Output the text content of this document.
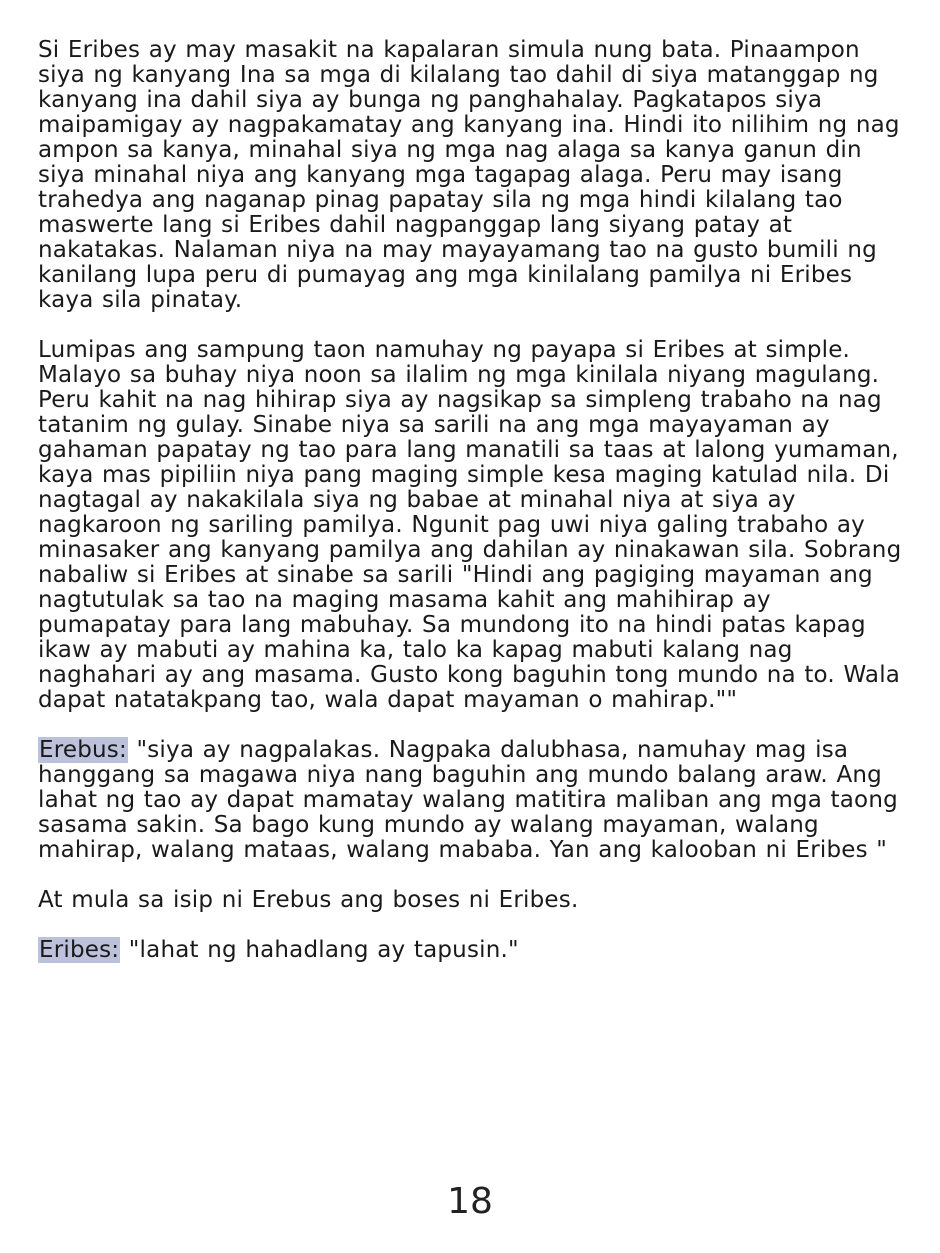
Si Eribes ay may masakit na kapalaran simula nung bata. Pinaampon siya ng kanyang Ina sa mga di kilalang tao dahil di siya matanggap ng kanyang ina dahil siya ay bunga ng panghahalay. Pagkatapos siya maipamigay ay nagpakamatay ang kanyang ina. Hindi ito nilihim ng nag ampon sa kanya, minahal siya ng mga nag alaga sa kanya ganun din siya minahal niya ang kanyang mga tagapag alaga. Peru may isang trahedya ang naganap pinag papatay sila ng mga hindi kilalang tao maswerte lang si Eribes dahil nagpanggap lang siyang patay at nakatakas. Nalaman niya na may mayayamang tao na gusto bumili ng kanilang lupa peru di pumayag ang mga kinilalang pamilya ni Eribes kaya sila pinatay.

Lumipas ang sampung taon namuhay ng payapa si Eribes at simple. Malayo sa buhay niya noon sa ilalim ng mga kinilala niyang magulang. Peru kahit na nag hihirap siya ay nagsikap sa simpleng trabaho na nag tatanim ng gulay. Sinabe niya sa sarili na ang mga mayayaman ay gahaman papatay ng tao para lang manatili sa taas at lalong yumaman, kaya mas pipiliin niya pang maging simple kesa maging katulad nila. Di nagtagal ay nakakilala siya ng babae at minahal niya at siya ay nagkaroon ng sariling pamilya. Ngunit pag uwi niya galing trabaho ay minasaker ang kanyang pamilya ang dahilan ay ninakawan sila. Sobrang nabaliw si Eribes at sinabe sa sarili "Hindi ang pagiging mayaman ang nagtutulak sa tao na maging masama kahit ang mahihirap ay pumapatay para lang mabuhay. Sa mundong ito na hindi patas kapag ikaw ay mabuti ay mahina ka, talo ka kapag mabuti kalang nag naghahari ay ang masama. Gusto kong baguhin tong mundo na to. Wala dapat natatakpang tao, wala dapat mayaman o mahirap.""

Erebus: "siya ay nagpalakas. Nagpaka dalubhasa, namuhay mag isa hanggang sa magawa niya nang baguhin ang mundo balang araw. Ang lahat ng tao ay dapat mamatay walang matitira maliban ang mga taong sasama sakin. Sa bago kung mundo ay walang mayaman, walang mahirap, walang mataas, walang mababa. Yan ang kalooban ni Eribes "

At mula sa isip ni Erebus ang boses ni Eribes.

Eribes: "lahat ng hahadlang ay tapusin."

18
